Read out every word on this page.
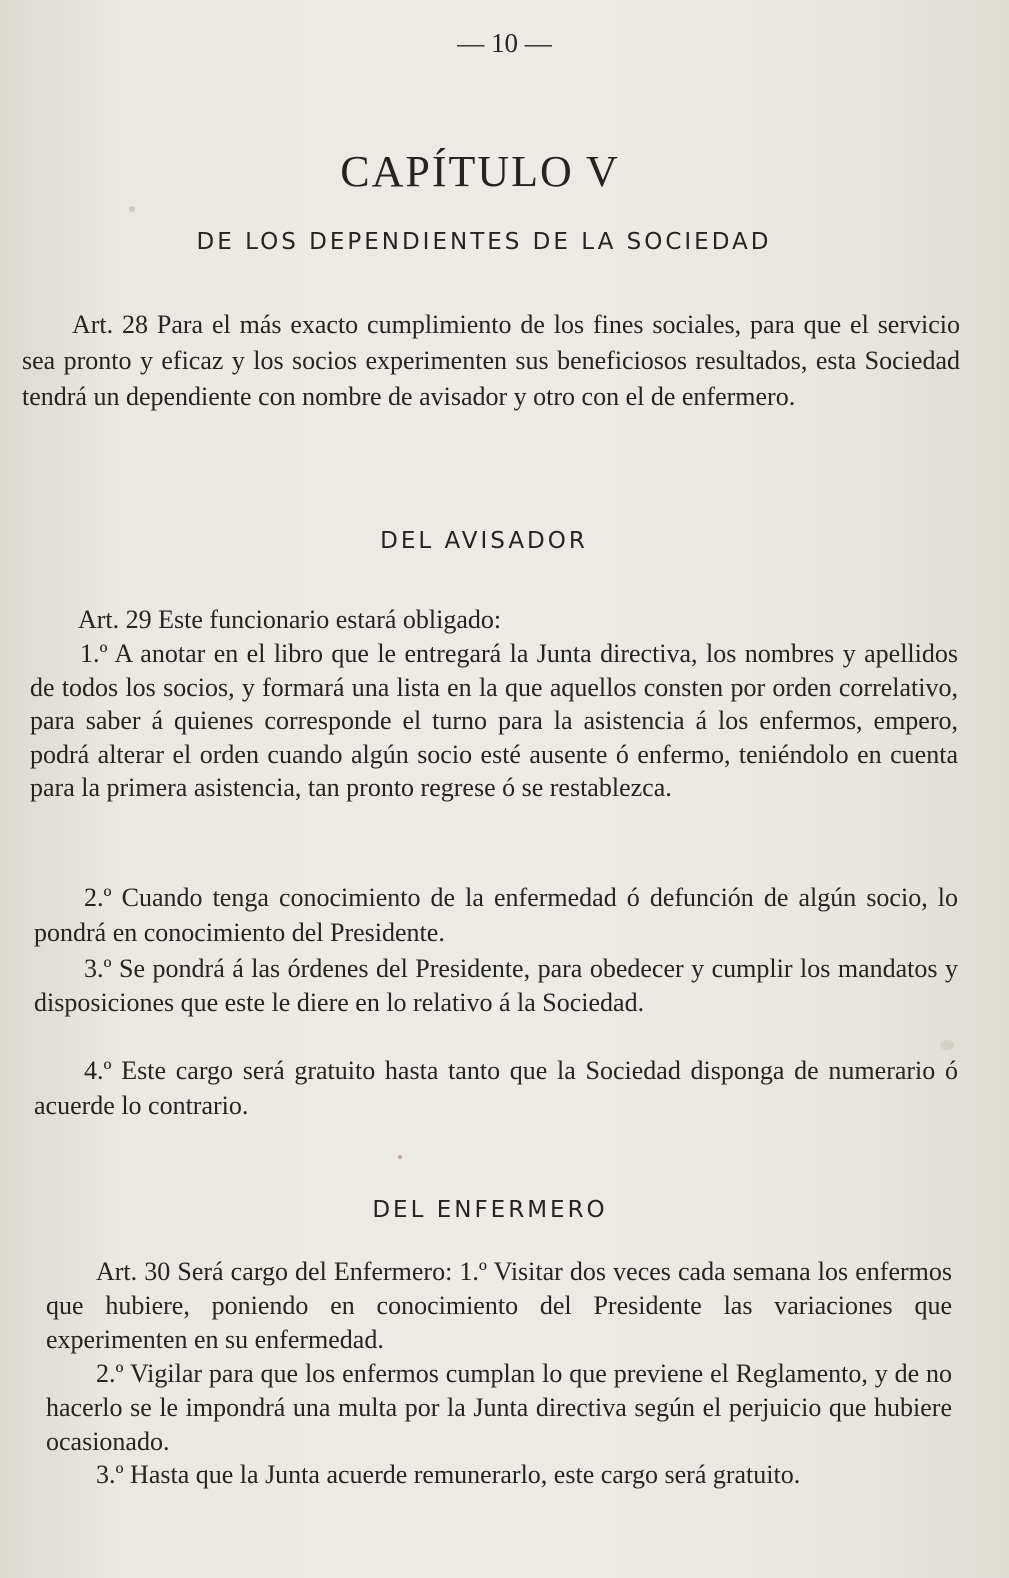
— 10 —
CAPÍTULO V
DE LOS DEPENDIENTES DE LA SOCIEDAD

Art. 28 Para el más exacto cumplimiento de los fines sociales, para que el servicio sea pronto y eficaz y los socios experimenten sus beneficiosos resultados, esta Sociedad tendrá un dependiente con nombre de avisador y otro con el de enfermero.

DEL AVISADOR

Art. 29 Este funcionario estará obligado:

1.º A anotar en el libro que le entregará la Junta directiva, los nombres y apellidos de todos los socios, y formará una lista en la que aquellos consten por orden correlativo, para saber á quienes corresponde el turno para la asistencia á los enfermos, empero, podrá alterar el orden cuando algún socio esté ausente ó enfermo, teniéndolo en cuenta para la primera asistencia, tan pronto regrese ó se restablezca.

2.º Cuando tenga conocimiento de la enfermedad ó defunción de algún socio, lo pondrá en conocimiento del Presidente.

3.º Se pondrá á las órdenes del Presidente, para obedecer y cumplir los mandatos y disposiciones que este le diere en lo relativo á la Sociedad.

4.º Este cargo será gratuito hasta tanto que la Sociedad disponga de numerario ó acuerde lo contrario.

DEL ENFERMERO

Art. 30 Será cargo del Enfermero: 1.º Visitar dos veces cada semana los enfermos que hubiere, poniendo en conocimiento del Presidente las variaciones que experimenten en su enfermedad.

2.º Vigilar para que los enfermos cumplan lo que previene el Reglamento, y de no hacerlo se le impondrá una multa por la Junta directiva según el perjuicio que hubiere ocasionado.

3.º Hasta que la Junta acuerde remunerarlo, este cargo será gratuito.
